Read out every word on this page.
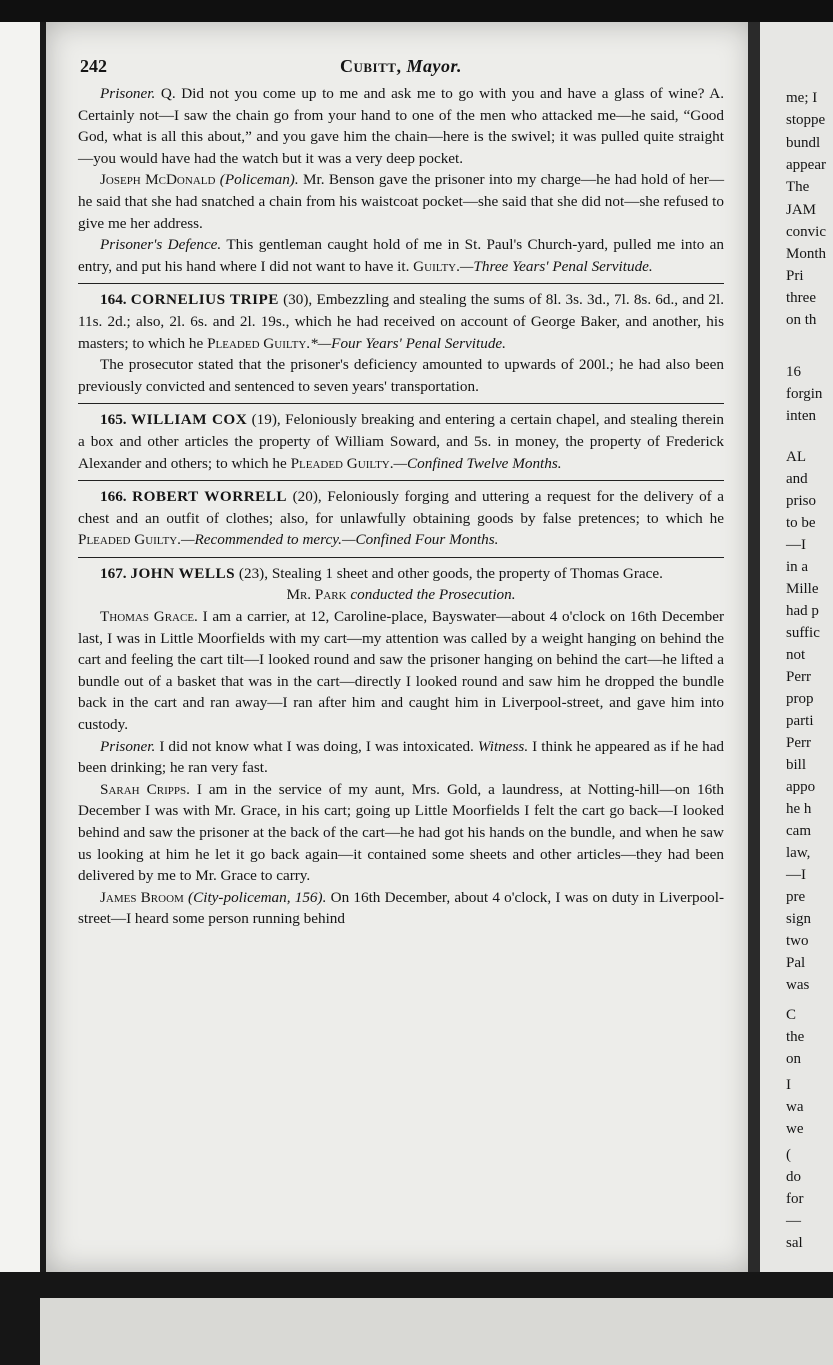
me; I
stoppe
bundl
appear
The
JAM
convic
Month
Pri
three
on th
16
forgin
inten
AL
and
priso
to be
—I
in a
Mille
had p
suffic
not
Perr
prop
parti
Perr
bill
appo
he h
cam
law,
—I
pre
sign
two
Pal
was
C
the
on
I
wa
we
(
do
for
—
sal
242	Cubitt, Mayor.

Prisoner. Q. Did not you come up to me and ask me to go with you and have a glass of wine? A. Certainly not—I saw the chain go from your hand to one of the men who attacked me—he said, “Good God, what is all this about,” and you gave him the chain—here is the swivel; it was pulled quite straight—you would have had the watch but it was a very deep pocket.

Joseph McDonald (Policeman). Mr. Benson gave the prisoner into my charge—he had hold of her—he said that she had snatched a chain from his waistcoat pocket—she said that she did not—she refused to give me her address.

Prisoner's Defence. This gentleman caught hold of me in St. Paul's Church-yard, pulled me into an entry, and put his hand where I did not want to have it. Guilty.—Three Years' Penal Servitude.

164. CORNELIUS TRIPE (30), Embezzling and stealing the sums of 8l. 3s. 3d., 7l. 8s. 6d., and 2l. 11s. 2d.; also, 2l. 6s. and 2l. 19s., which he had received on account of George Baker, and another, his masters; to which he Pleaded Guilty.*—Four Years' Penal Servitude.

The prosecutor stated that the prisoner's deficiency amounted to upwards of 200l.; he had also been previously convicted and sentenced to seven years' transportation.

165. WILLIAM COX (19), Feloniously breaking and entering a certain chapel, and stealing therein a box and other articles the property of William Soward, and 5s. in money, the property of Frederick Alexander and others; to which he Pleaded Guilty.—Confined Twelve Months.

166. ROBERT WORRELL (20), Feloniously forging and uttering a request for the delivery of a chest and an outfit of clothes; also, for unlawfully obtaining goods by false pretences; to which he Pleaded Guilty.—Recommended to mercy.—Confined Four Months.

167. JOHN WELLS (23), Stealing 1 sheet and other goods, the property of Thomas Grace.

Mr. Park conducted the Prosecution.

Thomas Grace. I am a carrier, at 12, Caroline-place, Bayswater—about 4 o'clock on 16th December last, I was in Little Moorfields with my cart—my attention was called by a weight hanging on behind the cart and feeling the cart tilt—I looked round and saw the prisoner hanging on behind the cart—he lifted a bundle out of a basket that was in the cart—directly I looked round and saw him he dropped the bundle back in the cart and ran away—I ran after him and caught him in Liverpool-street, and gave him into custody.

Prisoner. I did not know what I was doing, I was intoxicated. Witness. I think he appeared as if he had been drinking; he ran very fast.

Sarah Cripps. I am in the service of my aunt, Mrs. Gold, a laundress, at Notting-hill—on 16th December I was with Mr. Grace, in his cart; going up Little Moorfields I felt the cart go back—I looked behind and saw the prisoner at the back of the cart—he had got his hands on the bundle, and when he saw us looking at him he let it go back again—it contained some sheets and other articles—they had been delivered by me to Mr. Grace to carry.

James Broom (City-policeman, 156). On 16th December, about 4 o'clock, I was on duty in Liverpool-street—I heard some person running behind
